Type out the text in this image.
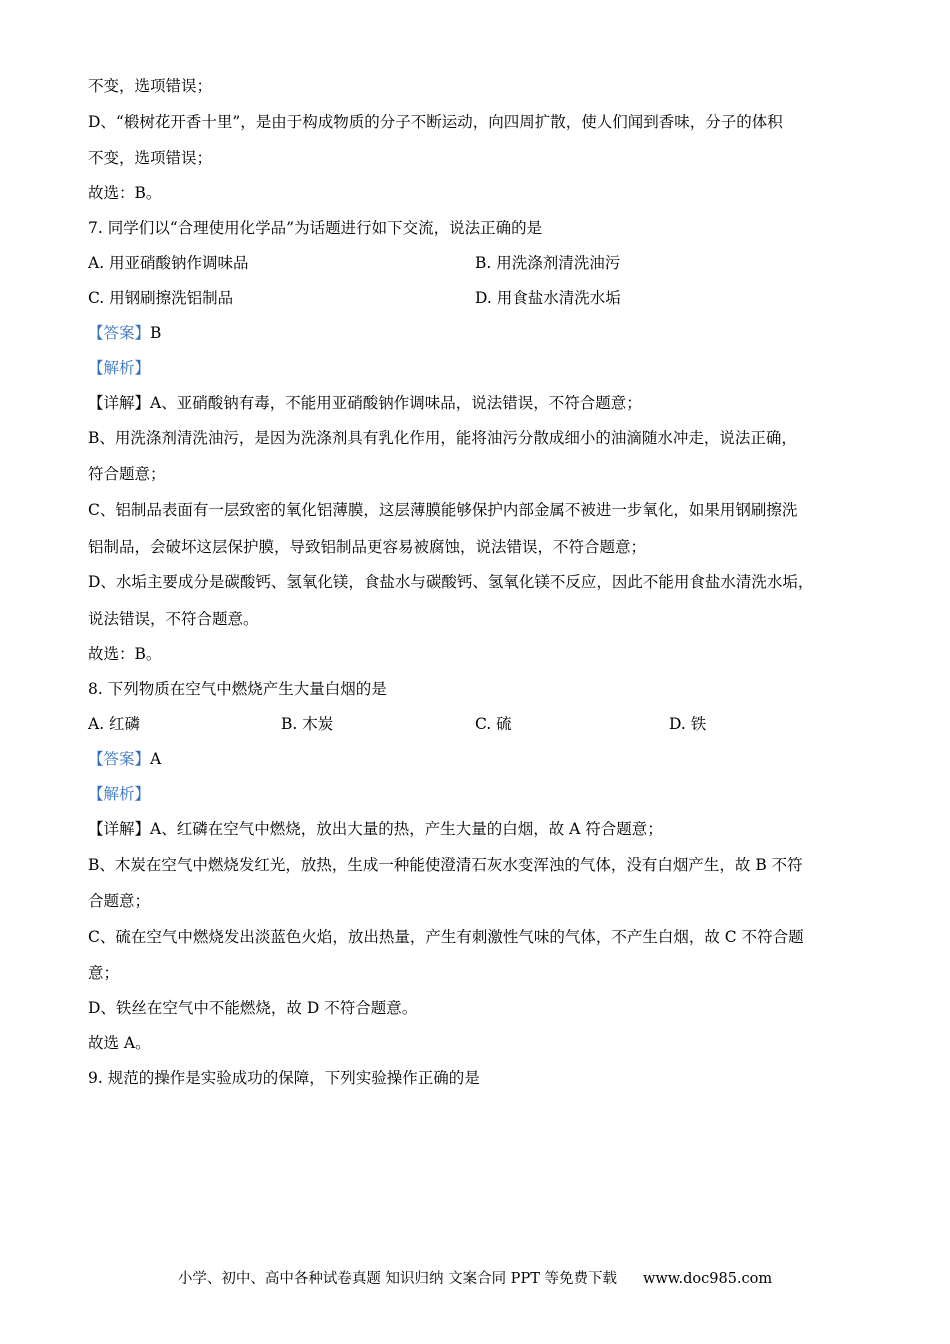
不变，选项错误；

D、“椴树花开香十里”，是由于构成物质的分子不断运动，向四周扩散，使人们闻到香味，分子的体积

不变，选项错误；

故选：B。

7. 同学们以“合理使用化学品”为话题进行如下交流，说法正确的是

A. 用亚硝酸钠作调味品	B. 用洗涤剂清洗油污
C. 用钢刷擦洗铝制品	D. 用食盐水清洗水垢

【答案】B

【解析】

【详解】A、亚硝酸钠有毒，不能用亚硝酸钠作调味品，说法错误，不符合题意；

B、用洗涤剂清洗油污，是因为洗涤剂具有乳化作用，能将油污分散成细小的油滴随水冲走，说法正确，

符合题意；

C、铝制品表面有一层致密的氧化铝薄膜，这层薄膜能够保护内部金属不被进一步氧化，如果用钢刷擦洗

铝制品，会破坏这层保护膜，导致铝制品更容易被腐蚀，说法错误，不符合题意；

D、水垢主要成分是碳酸钙、氢氧化镁，食盐水与碳酸钙、氢氧化镁不反应，因此不能用食盐水清洗水垢，

说法错误，不符合题意。

故选：B。

8. 下列物质在空气中燃烧产生大量白烟的是

A. 红磷	B. 木炭	C. 硫	D. 铁

【答案】A

【解析】

【详解】A、红磷在空气中燃烧，放出大量的热，产生大量的白烟，故 A 符合题意；

B、木炭在空气中燃烧发红光，放热，生成一种能使澄清石灰水变浑浊的气体，没有白烟产生，故 B 不符

合题意；

C、硫在空气中燃烧发出淡蓝色火焰，放出热量，产生有刺激性气味的气体，不产生白烟，故 C 不符合题

意；

D、铁丝在空气中不能燃烧，故 D 不符合题意。

故选 A。

9. 规范的操作是实验成功的保障，下列实验操作正确的是

小学、初中、高中各种试卷真题 知识归纳 文案合同 PPT 等免费下载 www.doc985.com
